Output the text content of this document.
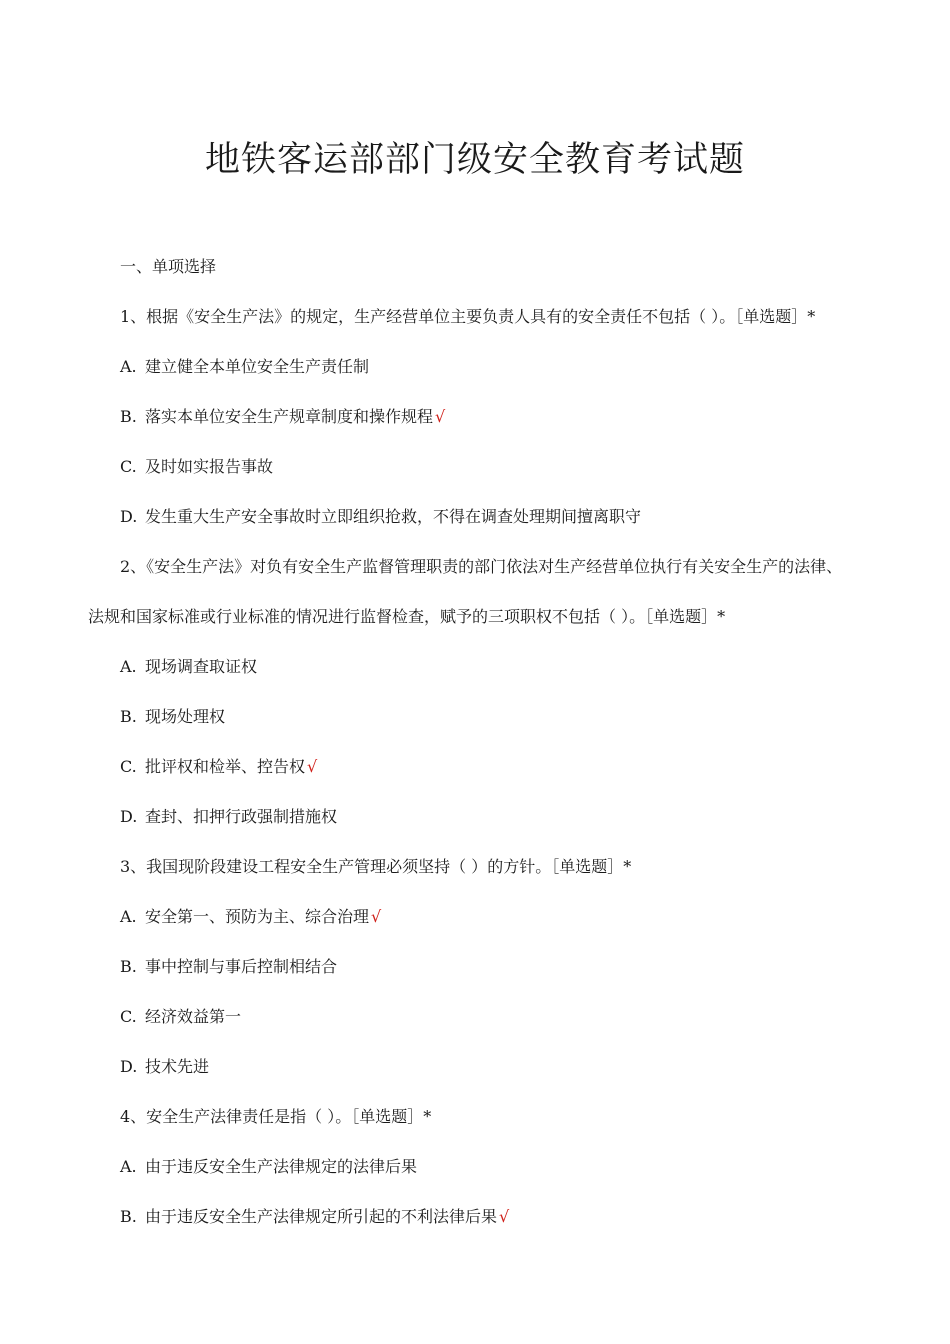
地铁客运部部门级安全教育考试题
一、单项选择
1、根据《安全生产法》的规定，生产经营单位主要负责人具有的安全责任不包括（ ）。［单选题］*
A. 建立健全本单位安全生产责任制
B. 落实本单位安全生产规章制度和操作规程 √
C. 及时如实报告事故
D. 发生重大生产安全事故时立即组织抢救，不得在调查处理期间擅离职守
2、《安全生产法》对负有安全生产监督管理职责的部门依法对生产经营单位执行有关安全生产的法律、
法规和国家标准或行业标准的情况进行监督检查，赋予的三项职权不包括（ ）。［单选题］*
A. 现场调查取证权
B. 现场处理权
C. 批评权和检举、控告权 √
D. 查封、扣押行政强制措施权
3、我国现阶段建设工程安全生产管理必须坚持（ ）的方针。［单选题］*
A. 安全第一、预防为主、综合治理 √
B. 事中控制与事后控制相结合
C. 经济效益第一
D. 技术先进
4、安全生产法律责任是指（ ）。［单选题］*
A. 由于违反安全生产法律规定的法律后果
B. 由于违反安全生产法律规定所引起的不利法律后果 √
